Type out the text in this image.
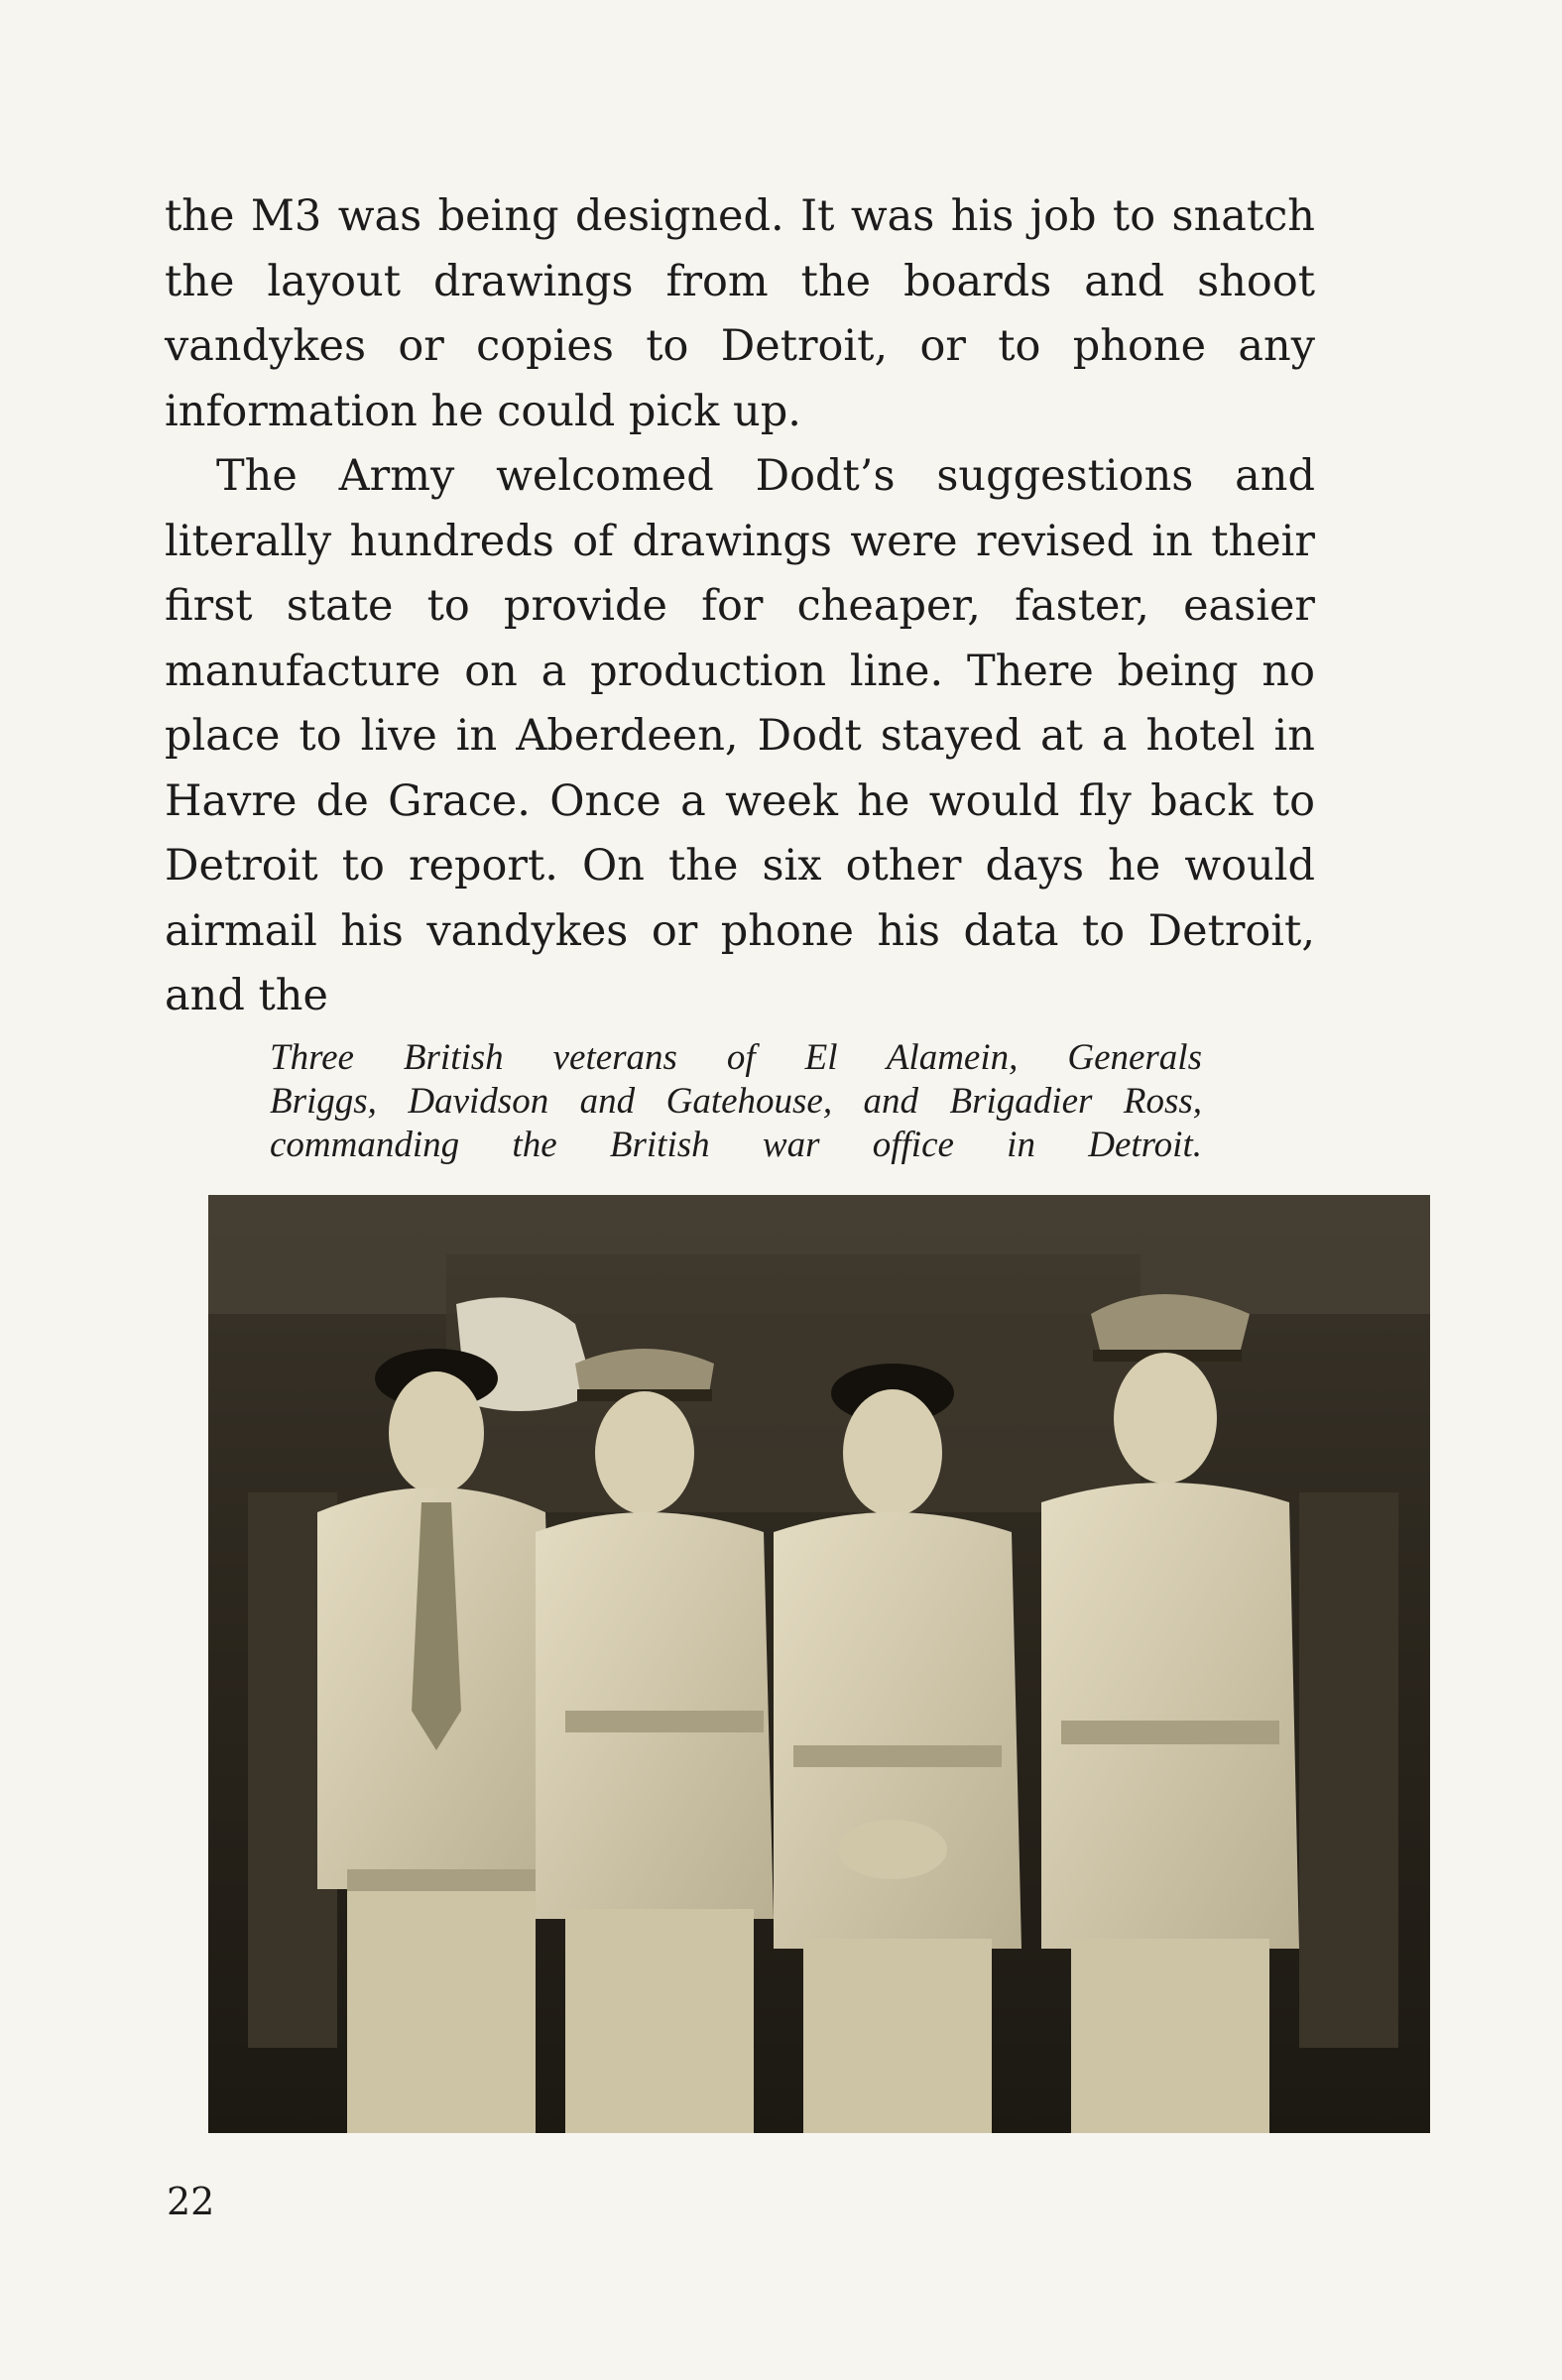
the M3 was being designed. It was his job to snatch the layout drawings from the boards and shoot vandykes or copies to Detroit, or to phone any information he could pick up.

The Army welcomed Dodt’s suggestions and literally hundreds of drawings were revised in their first state to provide for cheaper, faster, easier manufacture on a production line. There being no place to live in Aberdeen, Dodt stayed at a hotel in Havre de Grace. Once a week he would fly back to Detroit to report. On the six other days he would airmail his vandykes or phone his data to Detroit, and the

Three British veterans of El Alamein, Generals
Briggs, Davidson and Gatehouse, and Brigadier Ross,
commanding the British war office in Detroit.

22
